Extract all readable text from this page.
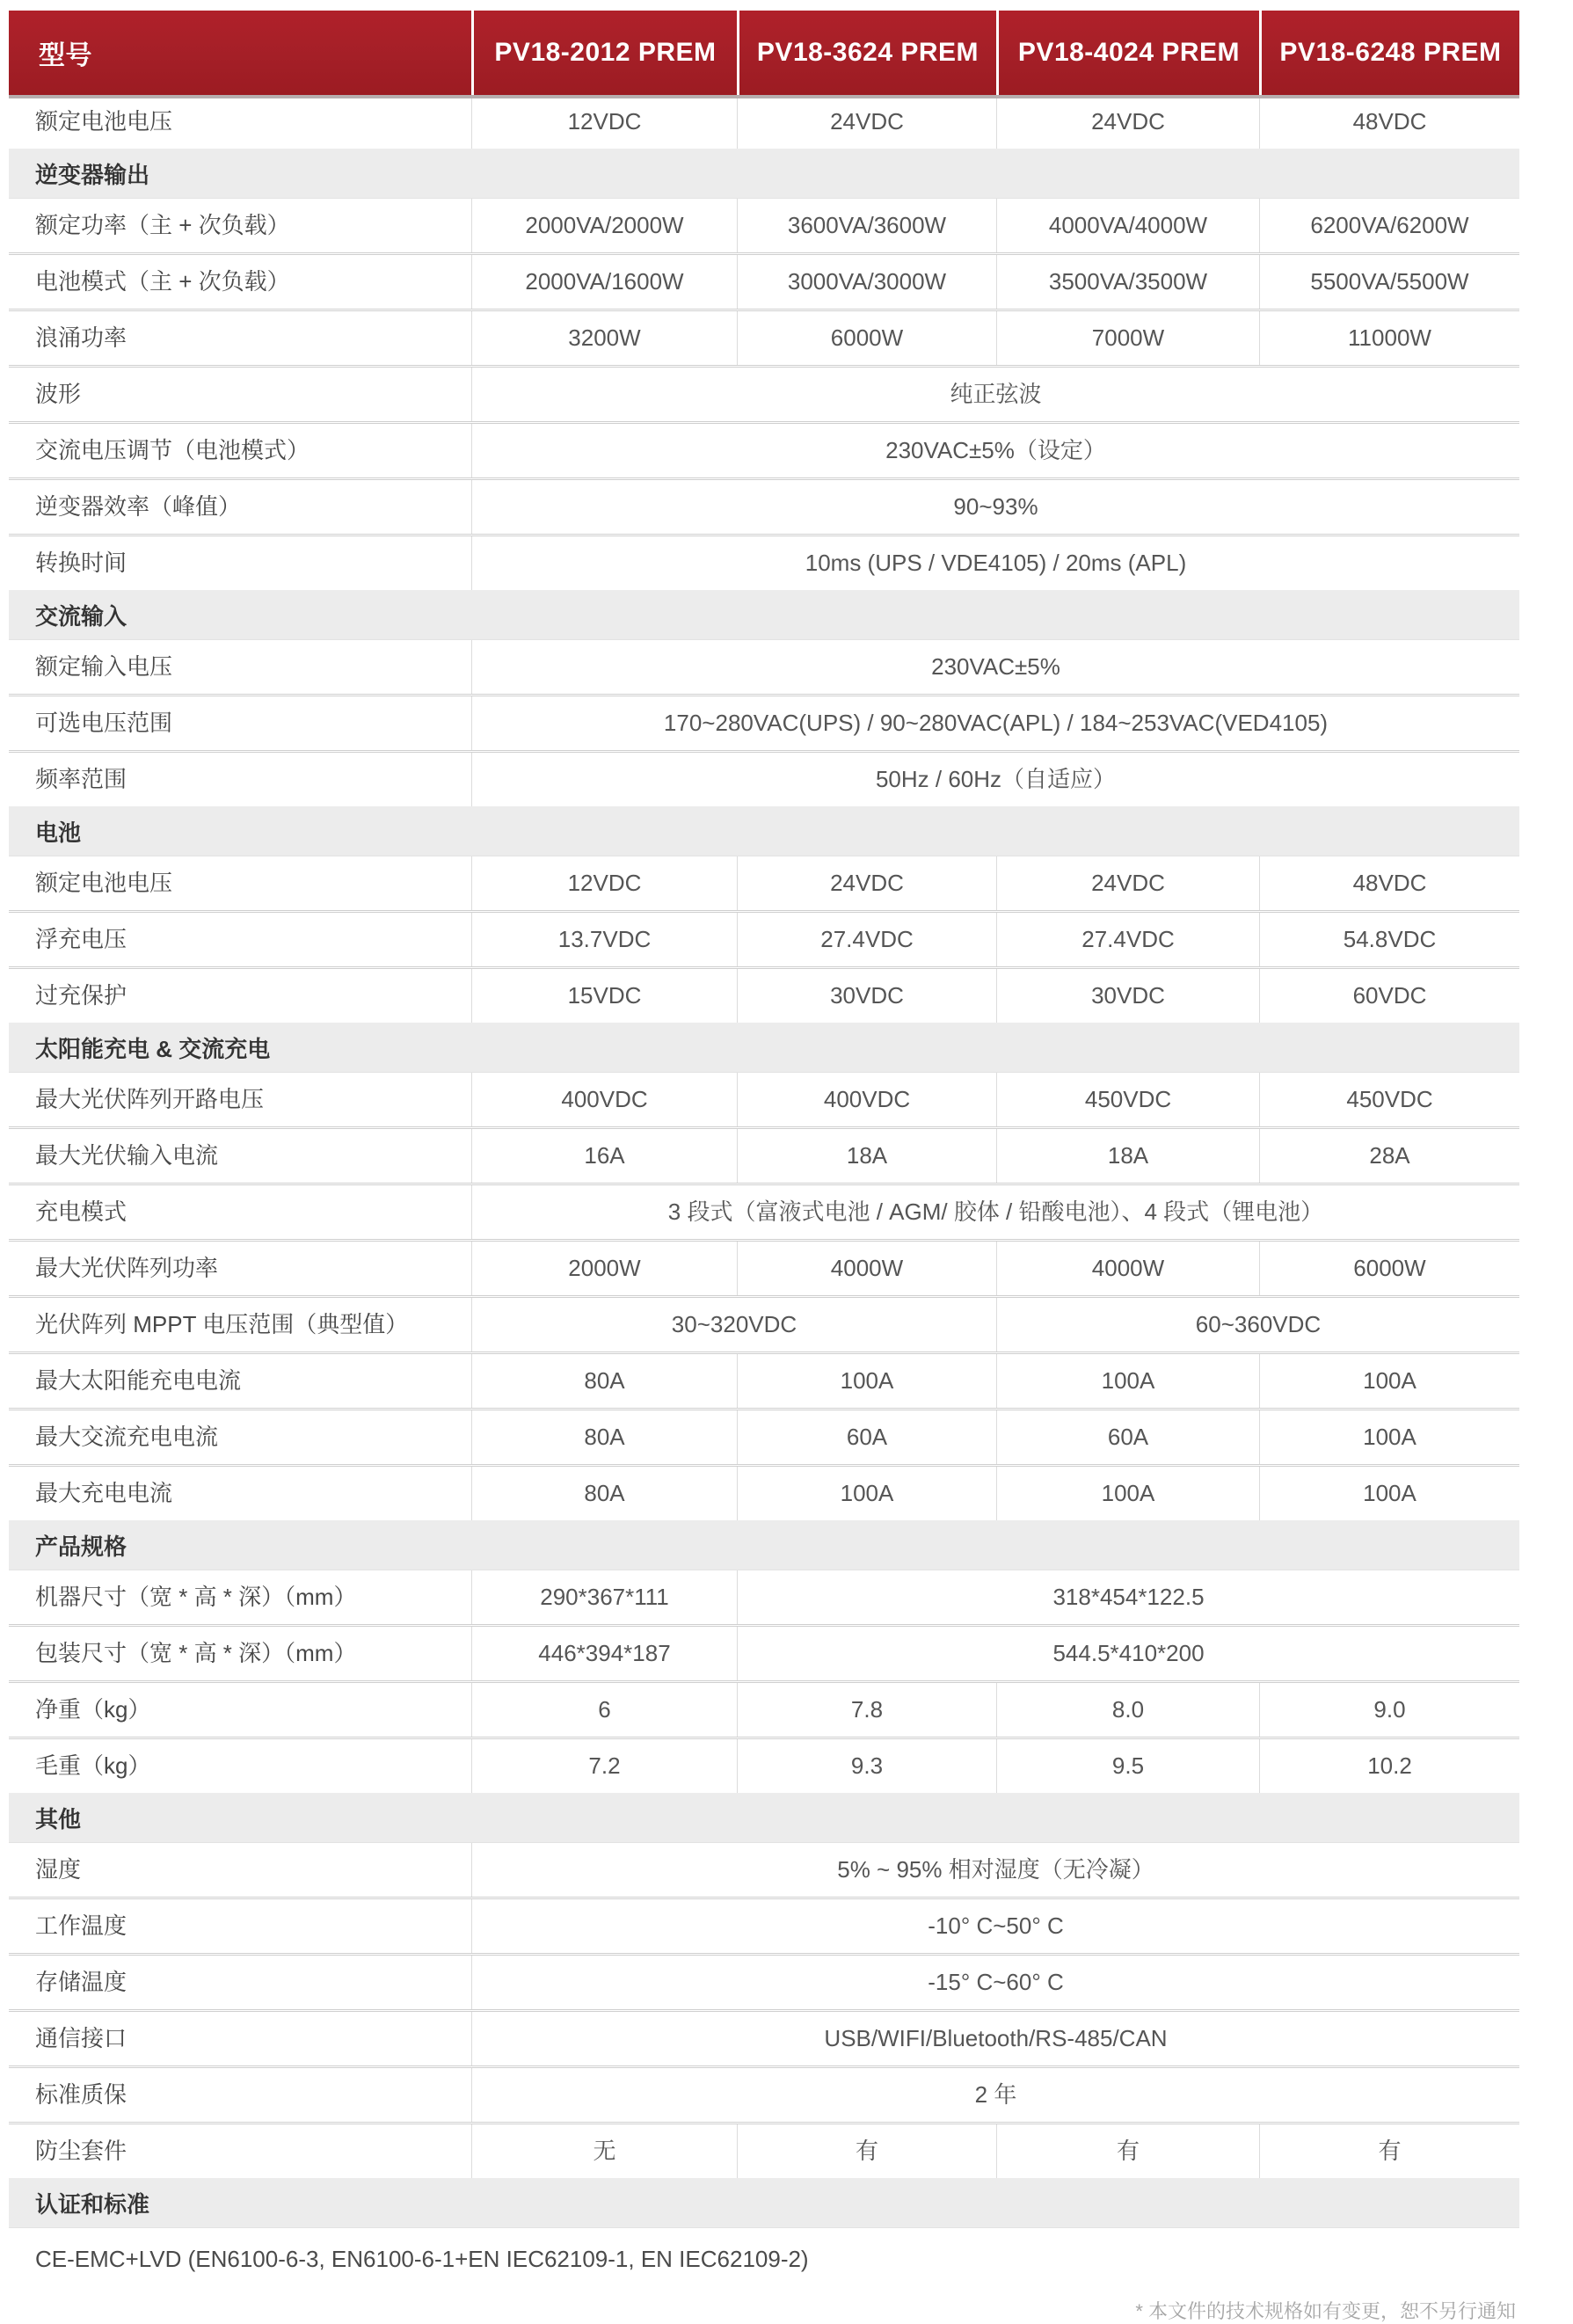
型号	PV18-2012 PREM	PV18-3624 PREM	PV18-4024 PREM	PV18-6248 PREM
额定电池电压	12VDC	24VDC	24VDC	48VDC
逆变器输出
额定功率（主 + 次负载）	2000VA/2000W	3600VA/3600W	4000VA/4000W	6200VA/6200W
电池模式（主 + 次负载）	2000VA/1600W	3000VA/3000W	3500VA/3500W	5500VA/5500W
浪涌功率	3200W	6000W	7000W	11000W
波形	纯正弦波
交流电压调节（电池模式）	230VAC±5%（设定）
逆变器效率（峰值）	90~93%
转换时间	10ms (UPS / VDE4105) / 20ms (APL)
交流输入
额定输入电压	230VAC±5%
可选电压范围	170~280VAC(UPS) / 90~280VAC(APL) / 184~253VAC(VED4105)
频率范围	50Hz / 60Hz（自适应）
电池
额定电池电压	12VDC	24VDC	24VDC	48VDC
浮充电压	13.7VDC	27.4VDC	27.4VDC	54.8VDC
过充保护	15VDC	30VDC	30VDC	60VDC
太阳能充电 & 交流充电
最大光伏阵列开路电压	400VDC	400VDC	450VDC	450VDC
最大光伏输入电流	16A	18A	18A	28A
充电模式	3 段式（富液式电池 / AGM/ 胶体 / 铅酸电池）、4 段式（锂电池）
最大光伏阵列功率	2000W	4000W	4000W	6000W
光伏阵列 MPPT 电压范围（典型值）	30~320VDC	60~360VDC
最大太阳能充电电流	80A	100A	100A	100A
最大交流充电电流	80A	60A	60A	100A
最大充电电流	80A	100A	100A	100A
产品规格
机器尺寸（宽 * 高 * 深）（mm）	290*367*111	318*454*122.5
包装尺寸（宽 * 高 * 深）（mm）	446*394*187	544.5*410*200
净重（kg）	6	7.8	8.0	9.0
毛重（kg）	7.2	9.3	9.5	10.2
其他
湿度	5% ~ 95% 相对湿度（无冷凝）
工作温度	-10° C~50° C
存储温度	-15° C~60° C
通信接口	USB/WIFI/Bluetooth/RS-485/CAN
标准质保	2 年
防尘套件	无	有	有	有
认证和标准
CE-EMC+LVD (EN6100-6-3, EN6100-6-1+EN IEC62109-1, EN IEC62109-2)
* 本文件的技术规格如有变更，恕不另行通知
